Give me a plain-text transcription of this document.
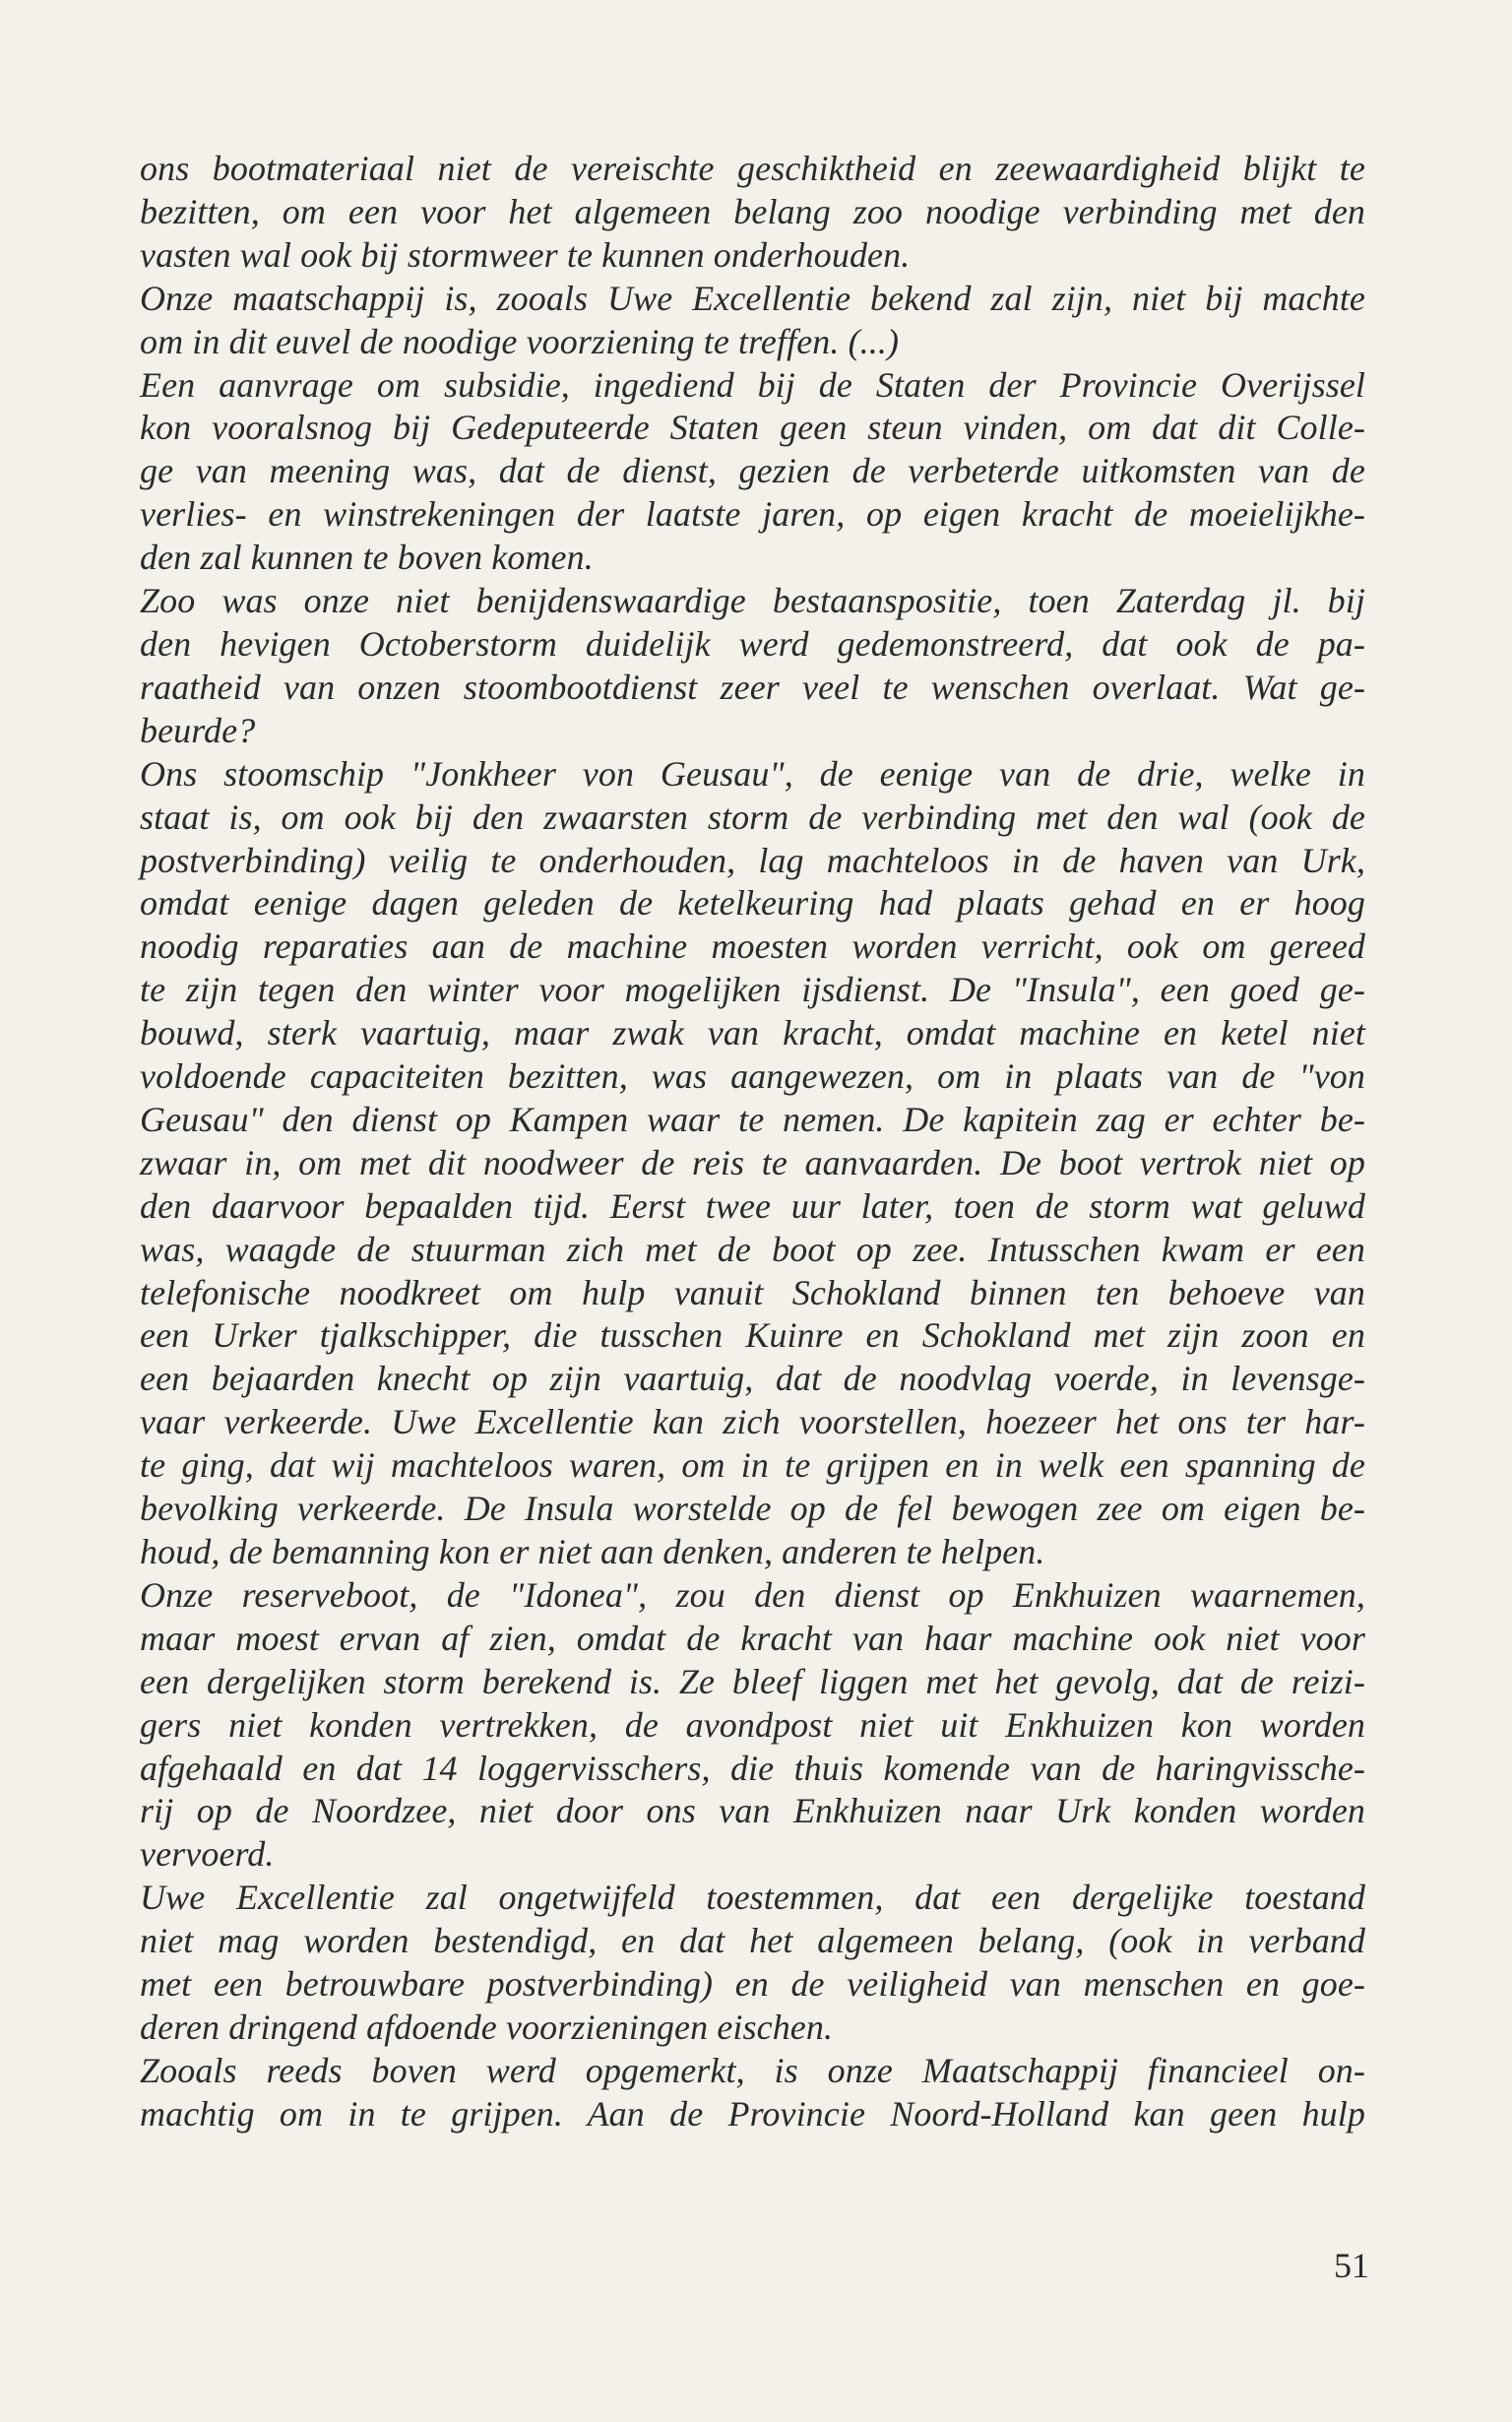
ons bootmateriaal niet de vereischte geschiktheid en zeewaardigheid blijkt te
bezitten, om een voor het algemeen belang zoo noodige verbinding met den
vasten wal ook bij stormweer te kunnen onderhouden.
Onze maatschappij is, zooals Uwe Excellentie bekend zal zijn, niet bij machte
om in dit euvel de noodige voorziening te treffen. (...)
Een aanvrage om subsidie, ingediend bij de Staten der Provincie Overijssel
kon vooralsnog bij Gedeputeerde Staten geen steun vinden, om dat dit Colle-
ge van meening was, dat de dienst, gezien de verbeterde uitkomsten van de
verlies- en winstrekeningen der laatste jaren, op eigen kracht de moeielijkhe-
den zal kunnen te boven komen.
Zoo was onze niet benijdenswaardige bestaanspositie, toen Zaterdag jl. bij
den hevigen Octoberstorm duidelijk werd gedemonstreerd, dat ook de pa-
raatheid van onzen stoombootdienst zeer veel te wenschen overlaat. Wat ge-
beurde?
Ons stoomschip "Jonkheer von Geusau", de eenige van de drie, welke in
staat is, om ook bij den zwaarsten storm de verbinding met den wal (ook de
postverbinding) veilig te onderhouden, lag machteloos in de haven van Urk,
omdat eenige dagen geleden de ketelkeuring had plaats gehad en er hoog
noodig reparaties aan de machine moesten worden verricht, ook om gereed
te zijn tegen den winter voor mogelijken ijsdienst. De "Insula", een goed ge-
bouwd, sterk vaartuig, maar zwak van kracht, omdat machine en ketel niet
voldoende capaciteiten bezitten, was aangewezen, om in plaats van de "von
Geusau" den dienst op Kampen waar te nemen. De kapitein zag er echter be-
zwaar in, om met dit noodweer de reis te aanvaarden. De boot vertrok niet op
den daarvoor bepaalden tijd. Eerst twee uur later, toen de storm wat geluwd
was, waagde de stuurman zich met de boot op zee. Intusschen kwam er een
telefonische noodkreet om hulp vanuit Schokland binnen ten behoeve van
een Urker tjalkschipper, die tusschen Kuinre en Schokland met zijn zoon en
een bejaarden knecht op zijn vaartuig, dat de noodvlag voerde, in levensge-
vaar verkeerde. Uwe Excellentie kan zich voorstellen, hoezeer het ons ter har-
te ging, dat wij machteloos waren, om in te grijpen en in welk een spanning de
bevolking verkeerde. De Insula worstelde op de fel bewogen zee om eigen be-
houd, de bemanning kon er niet aan denken, anderen te helpen.
Onze reserveboot, de "Idonea", zou den dienst op Enkhuizen waarnemen,
maar moest ervan af zien, omdat de kracht van haar machine ook niet voor
een dergelijken storm berekend is. Ze bleef liggen met het gevolg, dat de reizi-
gers niet konden vertrekken, de avondpost niet uit Enkhuizen kon worden
afgehaald en dat 14 loggervisschers, die thuis komende van de haringvissche-
rij op de Noordzee, niet door ons van Enkhuizen naar Urk konden worden
vervoerd.
Uwe Excellentie zal ongetwijfeld toestemmen, dat een dergelijke toestand
niet mag worden bestendigd, en dat het algemeen belang, (ook in verband
met een betrouwbare postverbinding) en de veiligheid van menschen en goe-
deren dringend afdoende voorzieningen eischen.
Zooals reeds boven werd opgemerkt, is onze Maatschappij financieel on-
machtig om in te grijpen. Aan de Provincie Noord-Holland kan geen hulp
51
